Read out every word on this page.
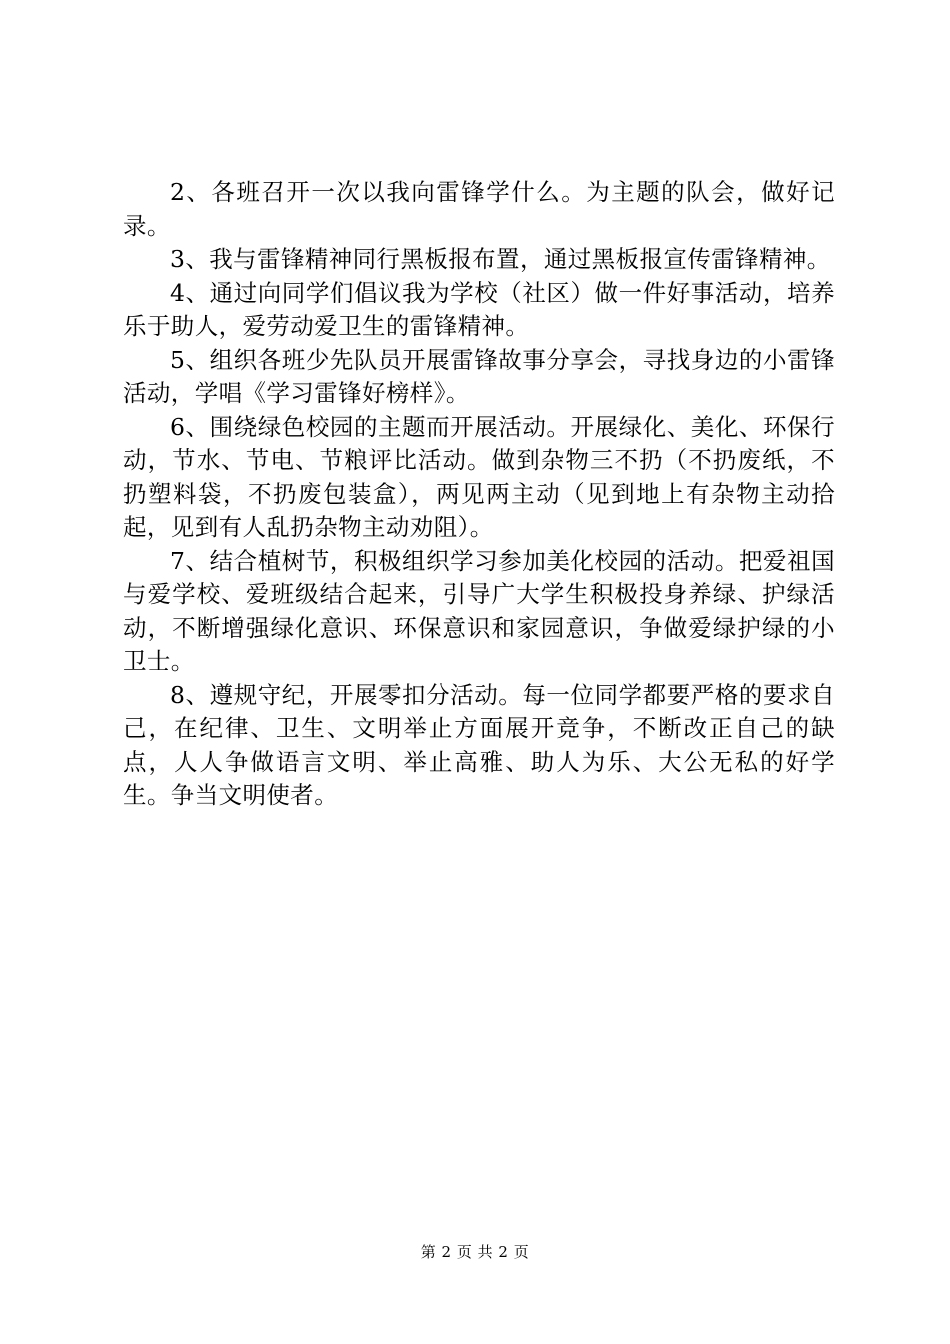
2、各班召开一次以我向雷锋学什么。为主题的队会，做好记录。

3、我与雷锋精神同行黑板报布置，通过黑板报宣传雷锋精神。

4、通过向同学们倡议我为学校（社区）做一件好事活动，培养乐于助人，爱劳动爱卫生的雷锋精神。

5、组织各班少先队员开展雷锋故事分享会，寻找身边的小雷锋活动，学唱《学习雷锋好榜样》。

6、围绕绿色校园的主题而开展活动。开展绿化、美化、环保行动，节水、节电、节粮评比活动。做到杂物三不扔（不扔废纸，不扔塑料袋，不扔废包装盒），两见两主动（见到地上有杂物主动拾起，见到有人乱扔杂物主动劝阻）。

7、结合植树节，积极组织学习参加美化校园的活动。把爱祖国与爱学校、爱班级结合起来，引导广大学生积极投身养绿、护绿活动，不断增强绿化意识、环保意识和家园意识，争做爱绿护绿的小卫士。

8、遵规守纪，开展零扣分活动。每一位同学都要严格的要求自己，在纪律、卫生、文明举止方面展开竞争，不断改正自己的缺点，人人争做语言文明、举止高雅、助人为乐、大公无私的好学生。争当文明使者。

第 2 页 共 2 页
